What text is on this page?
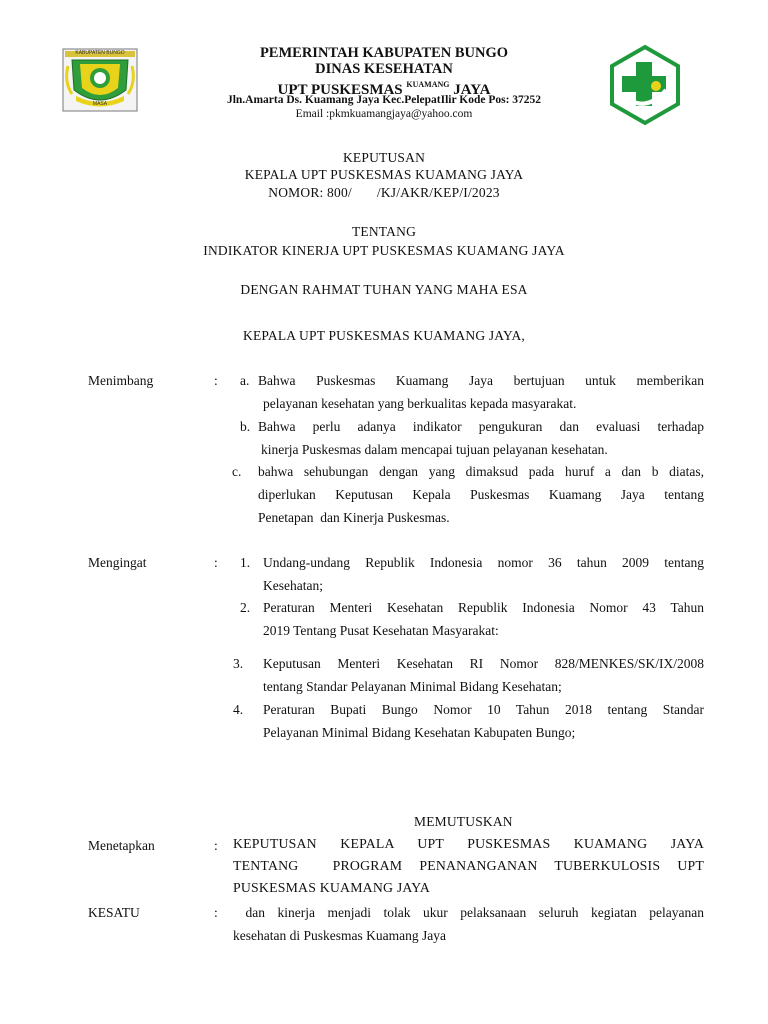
KABUPATEN BUNGO
MASA
PEMERINTAH KABUPATEN BUNGO
DINAS KESEHATAN
UPT PUSKESMAS $^{KUAMANG}$ JAYA
Jln.Amarta Ds. Kuamang Jaya Kec.PelepatIlir Kode Pos: 37252
Email :pkmkuamangjaya@yahoo.com
KEPUTUSAN
KEPALA UPT PUSKESMAS KUAMANG JAYA
NOMOR: 800/       /KJ/AKR/KEP/I/2023
TENTANG
INDIKATOR KINERJA UPT PUSKESMAS KUAMANG JAYA
DENGAN RAHMAT TUHAN YANG MAHA ESA
KEPALA UPT PUSKESMAS KUAMANG JAYA,
Menimbang	: a. Bahwa Puskesmas Kuamang Jaya bertujuan untuk memberikan
pelayanan kesehatan yang berkualitas kepada masyarakat.
b. Bahwa perlu adanya indikator pengukuran dan evaluasi terhadap
kinerja Puskesmas dalam mencapai tujuan pelayanan kesehatan.
c. bahwa sehubungan dengan yang dimaksud pada huruf a dan b diatas,
diperlukan Keputusan Kepala Puskesmas Kuamang Jaya tentang
Penetapan  dan Kinerja Puskesmas.
Mengingat	: 1. Undang-undang Republik Indonesia nomor 36 tahun 2009 tentang
Kesehatan;
2. Peraturan Menteri Kesehatan Republik Indonesia Nomor 43 Tahun
2019 Tentang Pusat Kesehatan Masyarakat:
3. Keputusan Menteri Kesehatan RI Nomor 828/MENKES/SK/IX/2008
tentang Standar Pelayanan Minimal Bidang Kesehatan;
4. Peraturan Bupati Bungo Nomor 10 Tahun 2018 tentang Standar
Pelayanan Minimal Bidang Kesehatan Kabupaten Bungo;
MEMUTUSKAN
Menetapkan	: KEPUTUSAN KEPALA UPT PUSKESMAS KUAMANG JAYA
TENTANG  PROGRAM PENANANGANAN TUBERKULOSIS UPT
PUSKESMAS KUAMANG JAYA
KESATU	: dan kinerja menjadi tolak ukur pelaksanaan seluruh kegiatan pelayanan
kesehatan di Puskesmas Kuamang Jaya
